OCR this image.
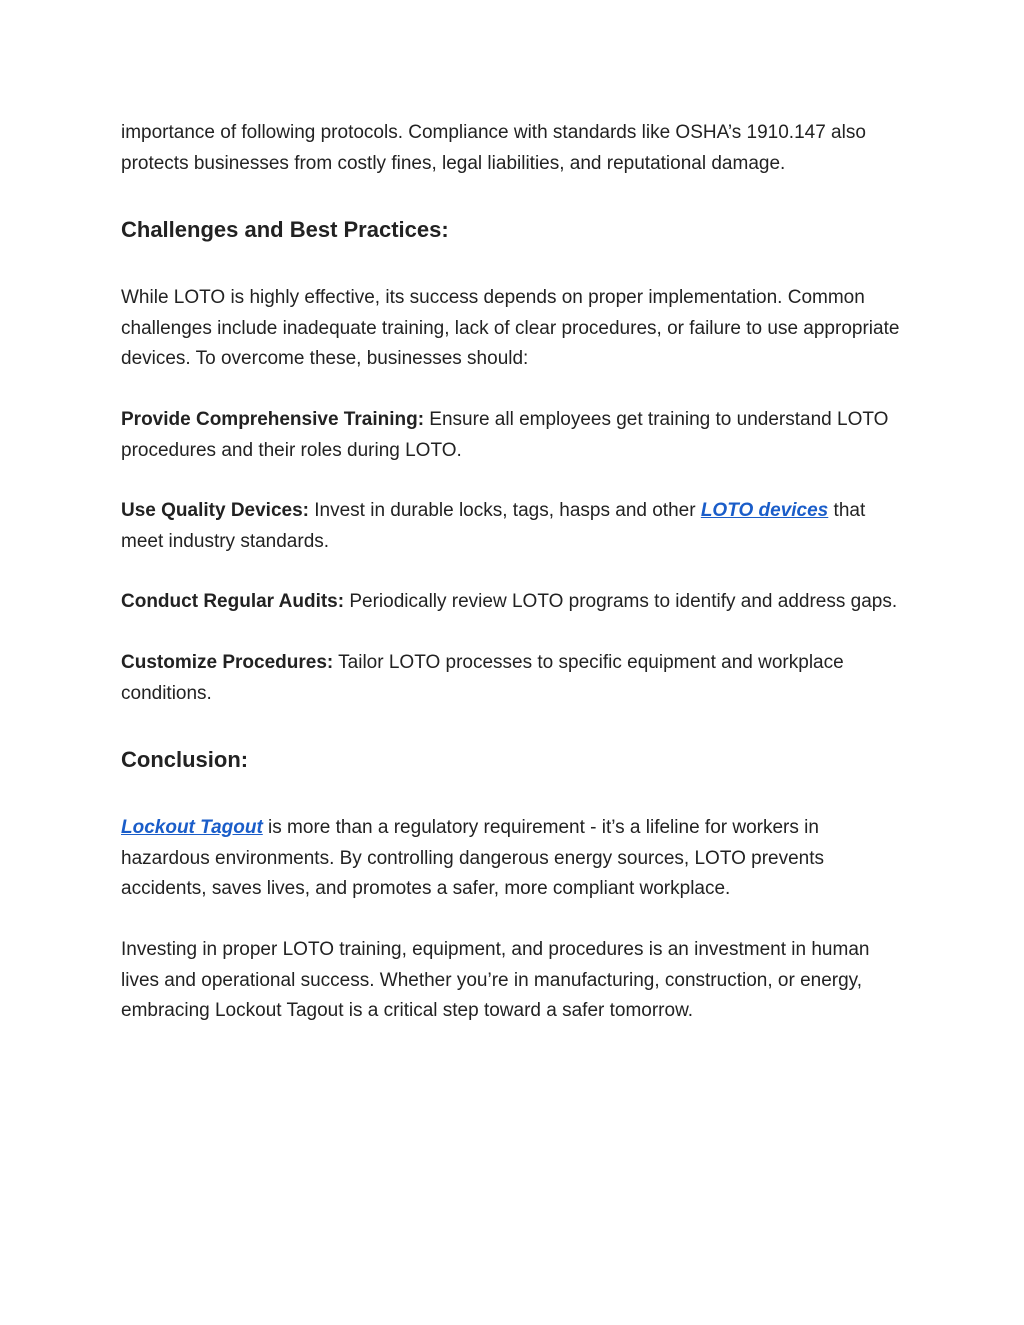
importance of following protocols. Compliance with standards like OSHA’s 1910.147 also protects businesses from costly fines, legal liabilities, and reputational damage.

Challenges and Best Practices:

While LOTO is highly effective, its success depends on proper implementation. Common challenges include inadequate training, lack of clear procedures, or failure to use appropriate devices. To overcome these, businesses should:

Provide Comprehensive Training: Ensure all employees get training to understand LOTO procedures and their roles during LOTO.

Use Quality Devices: Invest in durable locks, tags, hasps and other LOTO devices that meet industry standards.

Conduct Regular Audits: Periodically review LOTO programs to identify and address gaps.

Customize Procedures: Tailor LOTO processes to specific equipment and workplace conditions.

Conclusion:

Lockout Tagout is more than a regulatory requirement - it’s a lifeline for workers in hazardous environments. By controlling dangerous energy sources, LOTO prevents accidents, saves lives, and promotes a safer, more compliant workplace.

Investing in proper LOTO training, equipment, and procedures is an investment in human lives and operational success. Whether you’re in manufacturing, construction, or energy, embracing Lockout Tagout is a critical step toward a safer tomorrow.
